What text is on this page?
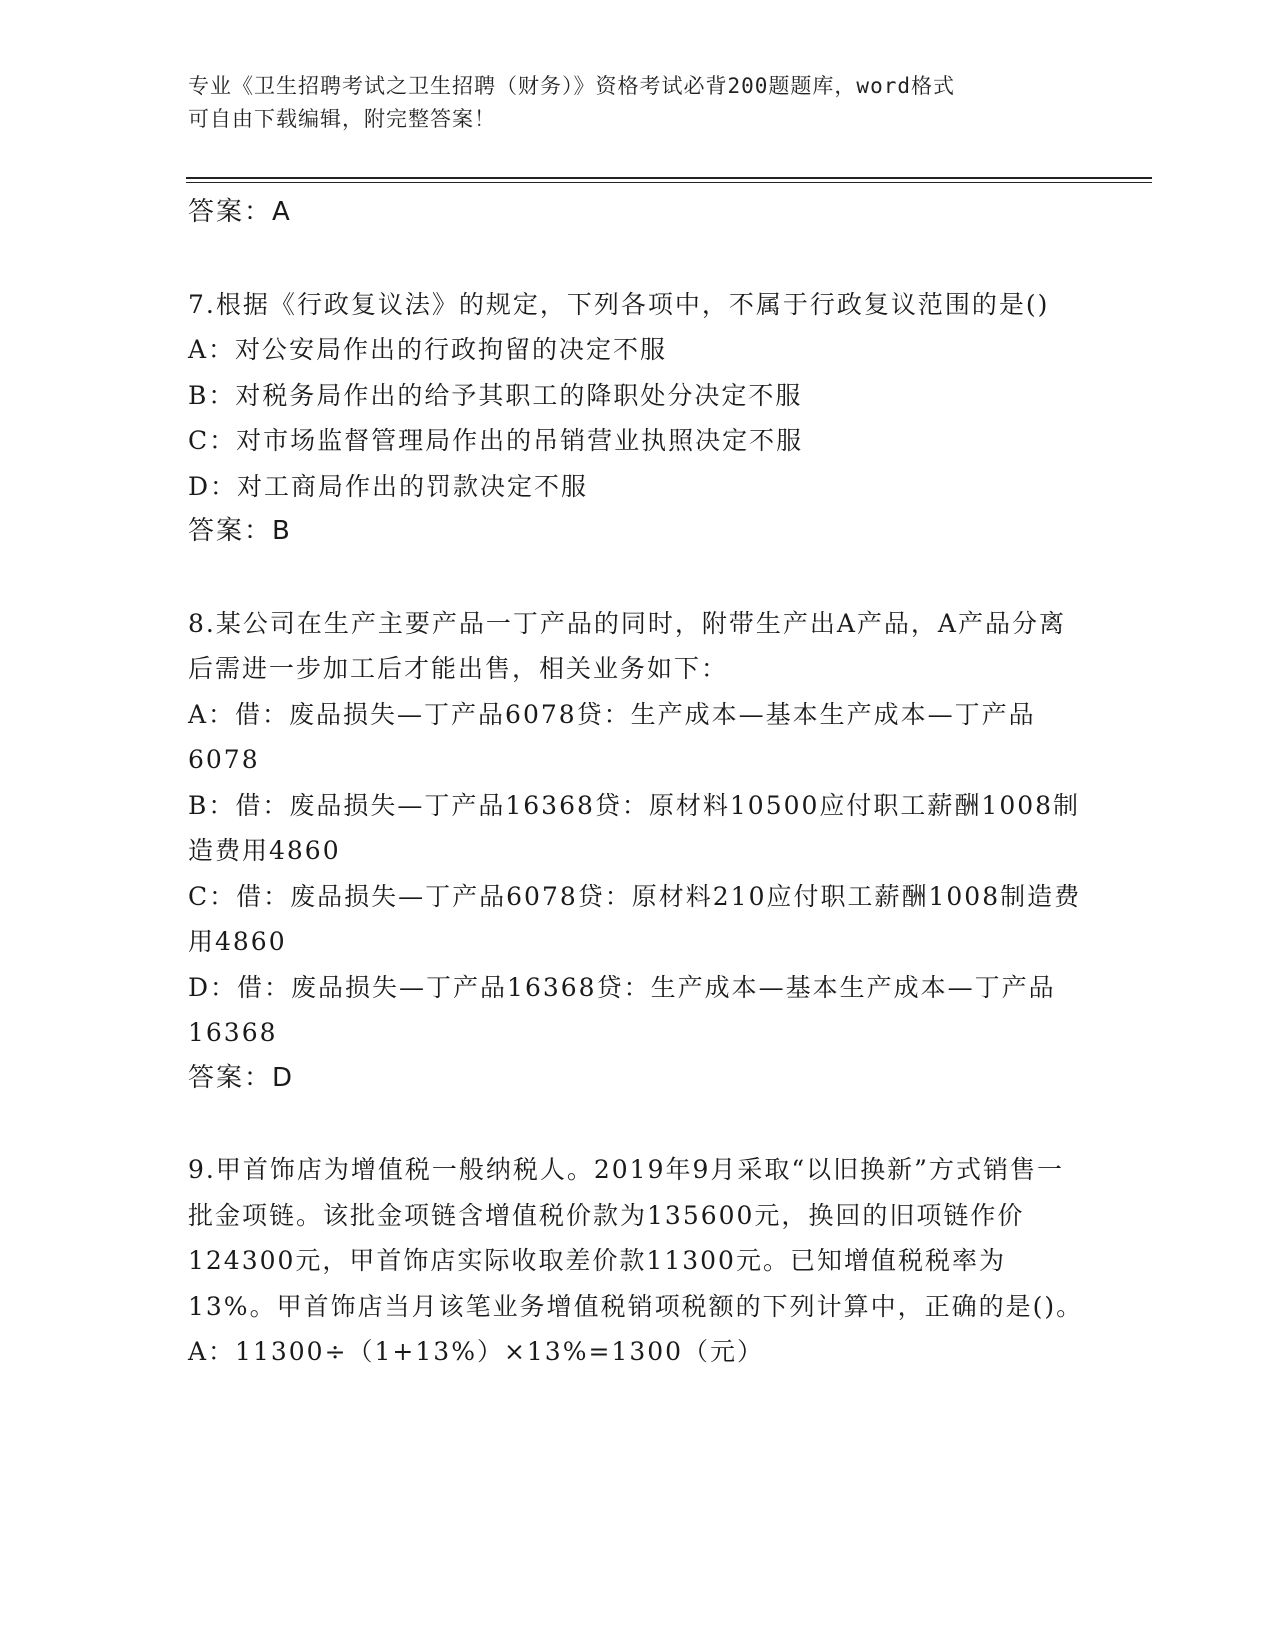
专业《卫生招聘考试之卫生招聘（财务）》资格考试必背200题题库，word格式
可自由下载编辑，附完整答案！
答案：A
7.根据《行政复议法》的规定，下列各项中，不属于行政复议范围的是()
A：对公安局作出的行政拘留的决定不服
B：对税务局作出的给予其职工的降职处分决定不服
C：对市场监督管理局作出的吊销营业执照决定不服
D：对工商局作出的罚款决定不服
答案：B
8.某公司在生产主要产品一丁产品的同时，附带生产出A产品，A产品分离后需进一步加工后才能出售，相关业务如下：
A：借：废品损失—丁产品6078贷：生产成本—基本生产成本—丁产品6078
B：借：废品损失—丁产品16368贷：原材料10500应付职工薪酬1008制造费用4860
C：借：废品损失—丁产品6078贷：原材料210应付职工薪酬1008制造费用4860
D：借：废品损失—丁产品16368贷：生产成本—基本生产成本—丁产品16368
答案：D
9.甲首饰店为增值税一般纳税人。2019年9月采取“以旧换新”方式销售一批金项链。该批金项链含增值税价款为135600元，换回的旧项链作价124300元，甲首饰店实际收取差价款11300元。已知增值税税率为13%。甲首饰店当月该笔业务增值税销项税额的下列计算中，正确的是()。
A：11300÷（1+13%）×13%=1300（元）
